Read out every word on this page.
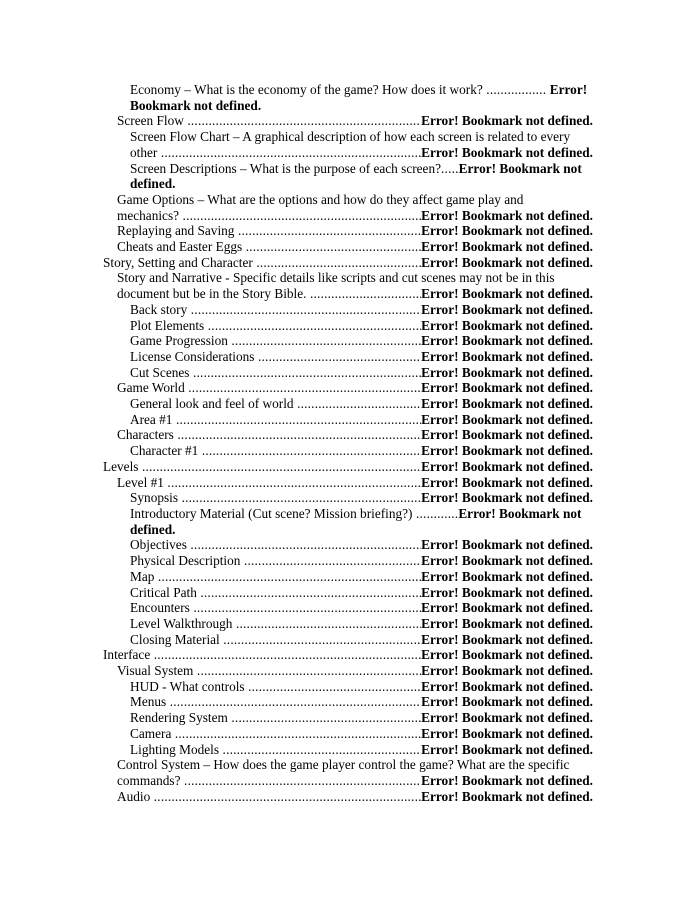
Economy – What is the economy of the game? How does it work? ................. Error! Bookmark not defined.
Screen Flow .....	Error! Bookmark not defined.
Screen Flow Chart – A graphical description of how each screen is related to every
other .....	Error! Bookmark not defined.
Screen Descriptions – What is the purpose of each screen?.....Error! Bookmark not defined.
Game Options – What are the options and how do they affect game play and
mechanics? .....	Error! Bookmark not defined.
Replaying and Saving .....	Error! Bookmark not defined.
Cheats and Easter Eggs .....	Error! Bookmark not defined.
Story, Setting and Character .....	Error! Bookmark not defined.
Story and Narrative - Specific details like scripts and cut scenes may not be in this
document but be in the Story Bible. .....	Error! Bookmark not defined.
Back story .....	Error! Bookmark not defined.
Plot Elements .....	Error! Bookmark not defined.
Game Progression .....	Error! Bookmark not defined.
License Considerations .....	Error! Bookmark not defined.
Cut Scenes .....	Error! Bookmark not defined.
Game World .....	Error! Bookmark not defined.
General look and feel of world .....	Error! Bookmark not defined.
Area #1 .....	Error! Bookmark not defined.
Characters .....	Error! Bookmark not defined.
Character #1 .....	Error! Bookmark not defined.
Levels .....	Error! Bookmark not defined.
Level #1 .....	Error! Bookmark not defined.
Synopsis .....	Error! Bookmark not defined.
Introductory Material (Cut scene? Mission briefing?) ............Error! Bookmark not defined.
Objectives .....	Error! Bookmark not defined.
Physical Description .....	Error! Bookmark not defined.
Map .....	Error! Bookmark not defined.
Critical Path .....	Error! Bookmark not defined.
Encounters .....	Error! Bookmark not defined.
Level Walkthrough .....	Error! Bookmark not defined.
Closing Material .....	Error! Bookmark not defined.
Interface .....	Error! Bookmark not defined.
Visual System .....	Error! Bookmark not defined.
HUD - What controls .....	Error! Bookmark not defined.
Menus .....	Error! Bookmark not defined.
Rendering System .....	Error! Bookmark not defined.
Camera .....	Error! Bookmark not defined.
Lighting Models .....	Error! Bookmark not defined.
Control System – How does the game player control the game? What are the specific
commands? .....	Error! Bookmark not defined.
Audio .....	Error! Bookmark not defined.
